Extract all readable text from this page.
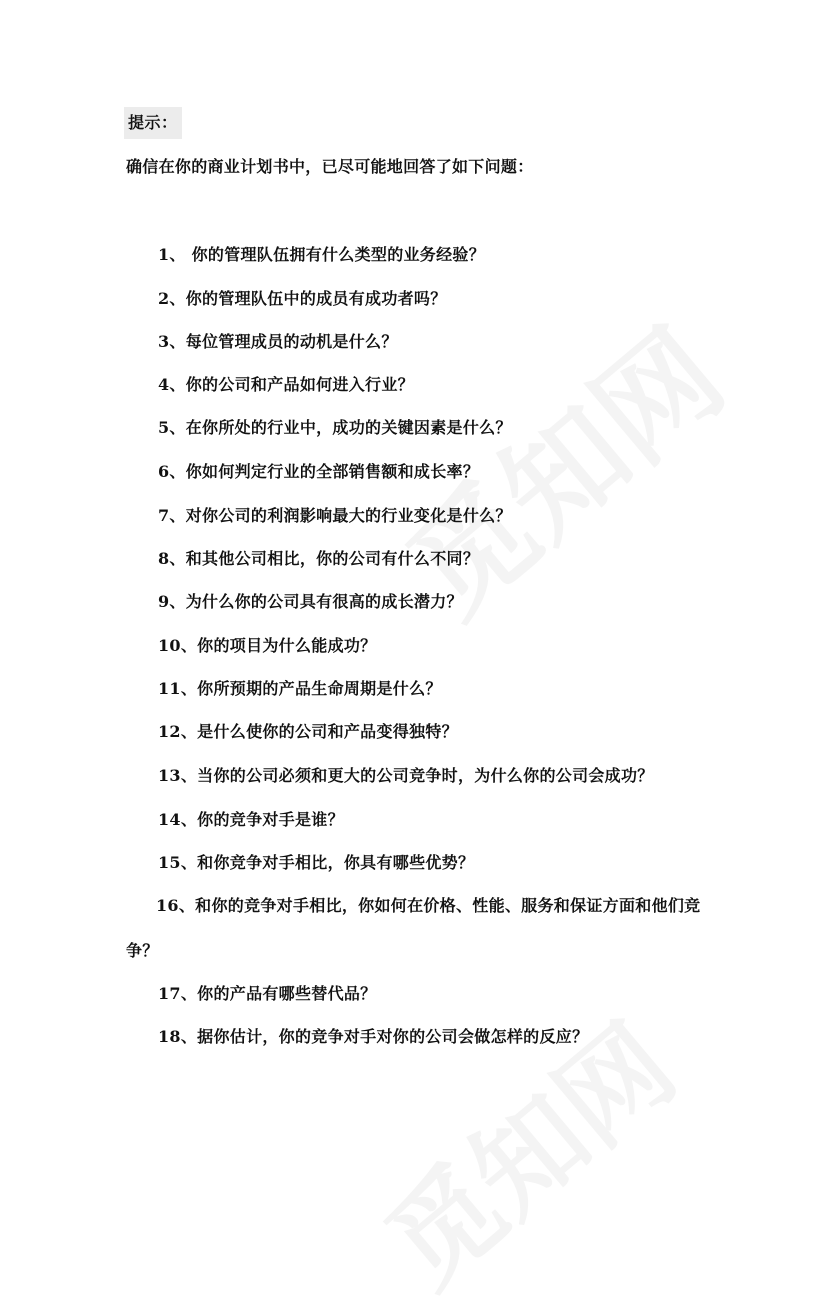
提示：
确信在你的商业计划书中，已尽可能地回答了如下问题：
1、 你的管理队伍拥有什么类型的业务经验？
2、你的管理队伍中的成员有成功者吗？
3、每位管理成员的动机是什么？
4、你的公司和产品如何进入行业？
5、在你所处的行业中，成功的关键因素是什么？
6、你如何判定行业的全部销售额和成长率？
7、对你公司的利润影响最大的行业变化是什么？
8、和其他公司相比，你的公司有什么不同？
9、为什么你的公司具有很高的成长潜力？
10、你的项目为什么能成功？
11、你所预期的产品生命周期是什么？
12、是什么使你的公司和产品变得独特？
13、当你的公司必须和更大的公司竞争时，为什么你的公司会成功？
14、你的竞争对手是谁？
15、和你竞争对手相比，你具有哪些优势？
16、和你的竞争对手相比，你如何在价格、性能、服务和保证方面和他们竞争？
17、你的产品有哪些替代品？
18、据你估计，你的竞争对手对你的公司会做怎样的反应？
